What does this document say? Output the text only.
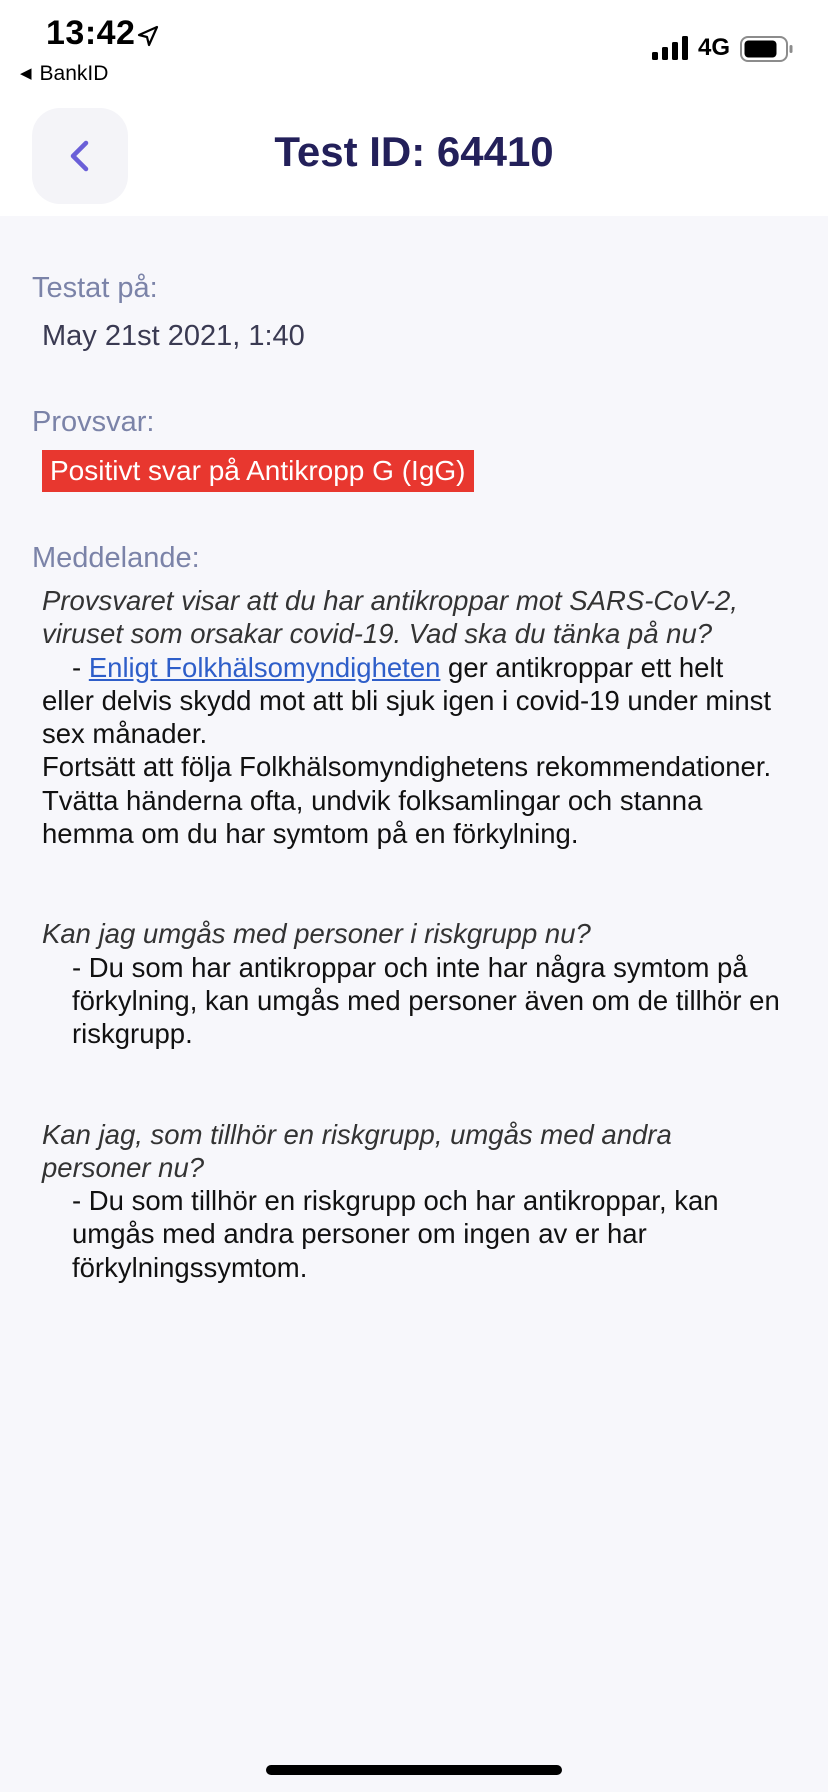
13:42
◀ BankID
4G
Test ID: 64410
Testat på:
May 21st 2021, 1:40
Provsvar:
Positivt svar på Antikropp G (IgG)
Meddelande:

Provsvaret visar att du har antikroppar mot SARS-CoV-2, viruset som orsakar covid-19. Vad ska du tänka på nu?

- Enligt Folkhälsomyndigheten ger antikroppar ett helt eller delvis skydd mot att bli sjuk igen i covid-19 under minst sex månader.

Fortsätt att följa Folkhälsomyndighetens rekommendationer. Tvätta händerna ofta, undvik folksamlingar och stanna hemma om du har symtom på en förkylning.

Kan jag umgås med personer i riskgrupp nu?

- Du som har antikroppar och inte har några symtom på förkylning, kan umgås med personer även om de tillhör en riskgrupp.

Kan jag, som tillhör en riskgrupp, umgås med andra personer nu?

- Du som tillhör en riskgrupp och har antikroppar, kan umgås med andra personer om ingen av er har förkylningssymtom.
